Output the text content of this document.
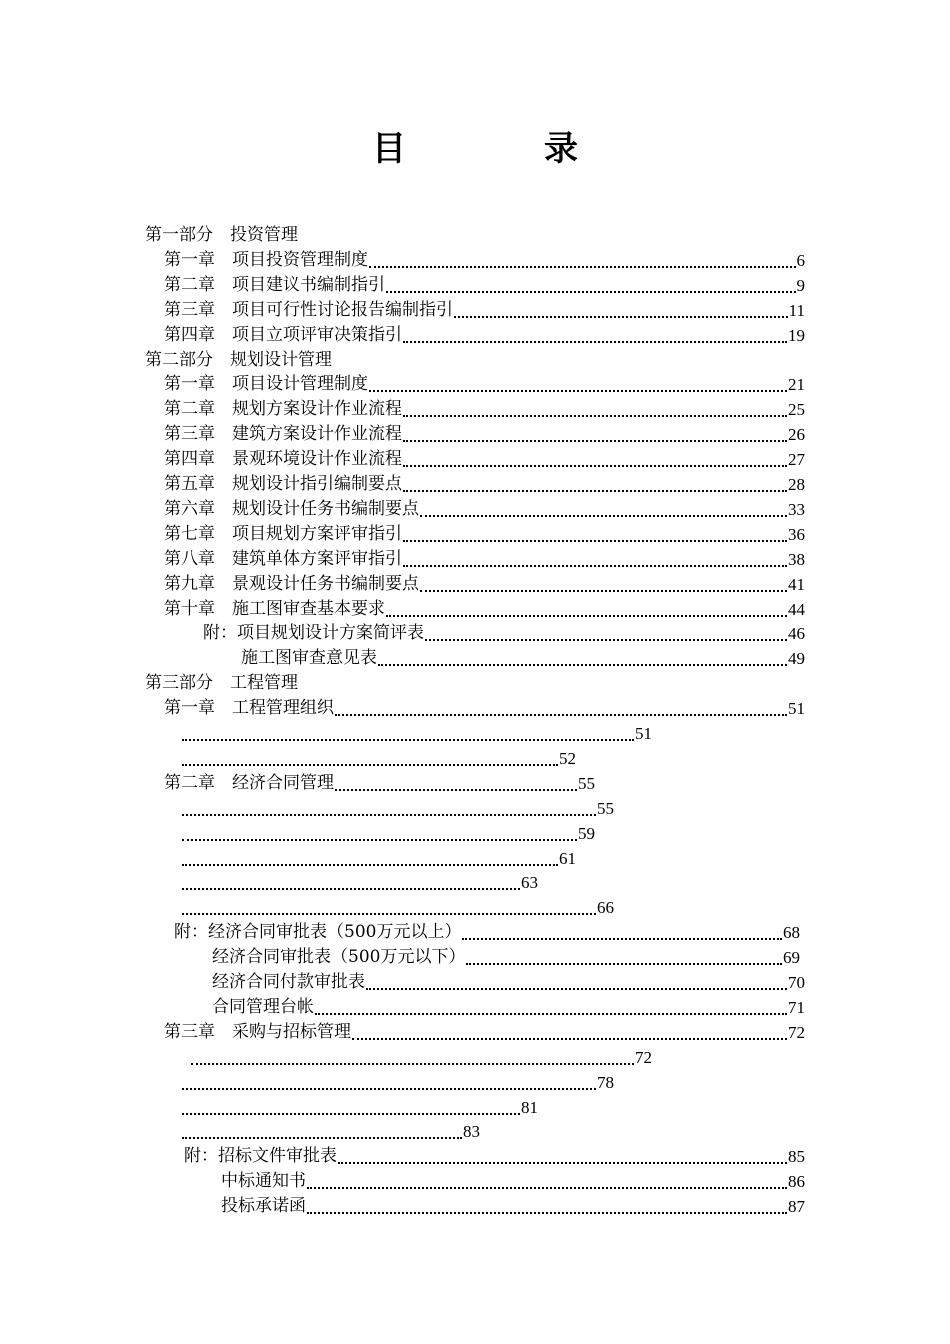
目　录
第一部分　投资管理
第一章　项目投资管理制度	6
第二章　项目建议书编制指引	9
第三章　项目可行性讨论报告编制指引	11
第四章　项目立项评审决策指引	19
第二部分　规划设计管理
第一章　项目设计管理制度	21
第二章　规划方案设计作业流程	25
第三章　建筑方案设计作业流程	26
第四章　景观环境设计作业流程	27
第五章　规划设计指引编制要点	28
第六章　规划设计任务书编制要点	33
第七章　项目规划方案评审指引	36
第八章　建筑单体方案评审指引	38
第九章　景观设计任务书编制要点	41
第十章　施工图审查基本要求	44
附：项目规划设计方案简评表	46
施工图审查意见表	49
第三部分　工程管理
第一章　工程管理组织	51
51
52
第二章　经济合同管理	55
55
59
61
63
66
附：经济合同审批表（500万元以上）	68
经济合同审批表（500万元以下）	69
经济合同付款审批表	70
合同管理台帐	71
第三章　采购与招标管理	72
72
78
81
83
附：招标文件审批表	85
中标通知书	86
投标承诺函	87
